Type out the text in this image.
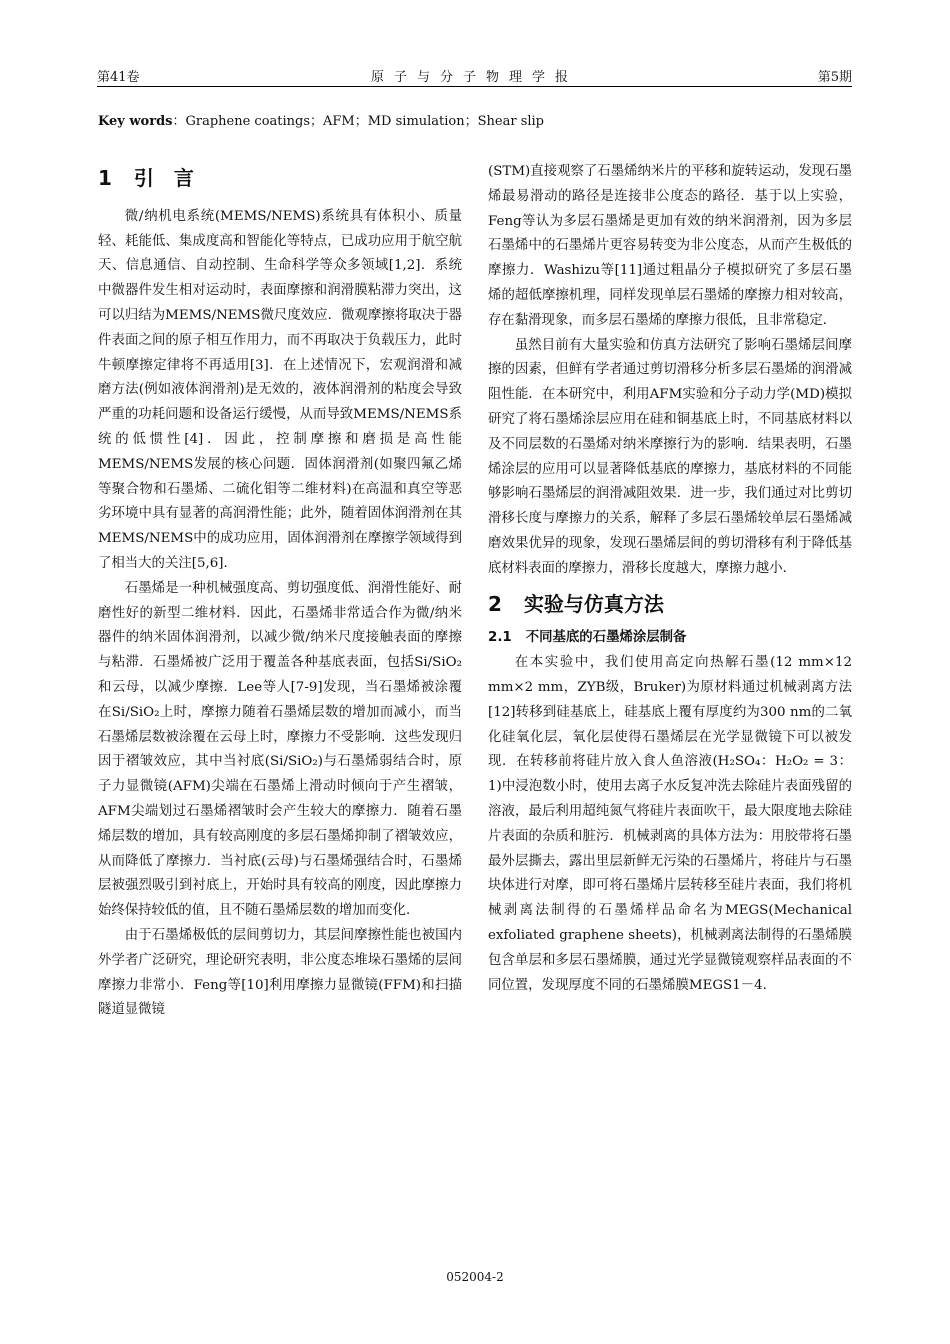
第41卷	原子与分子物理学报	第5期
Key words：Graphene coatings；AFM；MD simulation；Shear slip
1 引　言

微/纳机电系统(MEMS/NEMS)系统具有体积小、质量轻、耗能低、集成度高和智能化等特点，已成功应用于航空航天、信息通信、自动控制、生命科学等众多领域[1,2]．系统中微器件发生相对运动时，表面摩擦和润滑膜粘滞力突出，这可以归结为MEMS/NEMS微尺度效应．微观摩擦将取决于器件表面之间的原子相互作用力，而不再取决于负载压力，此时牛顿摩擦定律将不再适用[3]．在上述情况下，宏观润滑和减磨方法(例如液体润滑剂)是无效的，液体润滑剂的粘度会导致严重的功耗问题和设备运行缓慢，从而导致MEMS/NEMS系统的低惯性[4]．因此，控制摩擦和磨损是高性能MEMS/NEMS发展的核心问题．固体润滑剂(如聚四氟乙烯等聚合物和石墨烯、二硫化钼等二维材料)在高温和真空等恶劣环境中具有显著的高润滑性能；此外，随着固体润滑剂在其MEMS/NEMS中的成功应用，固体润滑剂在摩擦学领域得到了相当大的关注[5,6]．

石墨烯是一种机械强度高、剪切强度低、润滑性能好、耐磨性好的新型二维材料．因此，石墨烯非常适合作为微/纳米器件的纳米固体润滑剂，以减少微/纳米尺度接触表面的摩擦与粘滞．石墨烯被广泛用于覆盖各种基底表面，包括Si/SiO₂和云母，以减少摩擦．Lee等人[7-9]发现，当石墨烯被涂覆在Si/SiO₂上时，摩擦力随着石墨烯层数的增加而减小，而当石墨烯层数被涂覆在云母上时，摩擦力不受影响．这些发现归因于褶皱效应，其中当衬底(Si/SiO₂)与石墨烯弱结合时，原子力显微镜(AFM)尖端在石墨烯上滑动时倾向于产生褶皱，AFM尖端划过石墨烯褶皱时会产生较大的摩擦力．随着石墨烯层数的增加，具有较高刚度的多层石墨烯抑制了褶皱效应，从而降低了摩擦力．当衬底(云母)与石墨烯强结合时，石墨烯层被强烈吸引到衬底上，开始时具有较高的刚度，因此摩擦力始终保持较低的值，且不随石墨烯层数的增加而变化．

由于石墨烯极低的层间剪切力，其层间摩擦性能也被国内外学者广泛研究，理论研究表明，非公度态堆垛石墨烯的层间摩擦力非常小．Feng等[10]利用摩擦力显微镜(FFM)和扫描隧道显微镜

(STM)直接观察了石墨烯纳米片的平移和旋转运动，发现石墨烯最易滑动的路径是连接非公度态的路径．基于以上实验，Feng等认为多层石墨烯是更加有效的纳米润滑剂，因为多层石墨烯中的石墨烯片更容易转变为非公度态，从而产生极低的摩擦力．Washizu等[11]通过粗晶分子模拟研究了多层石墨烯的超低摩擦机理，同样发现单层石墨烯的摩擦力相对较高，存在黏滑现象，而多层石墨烯的摩擦力很低，且非常稳定．

虽然目前有大量实验和仿真方法研究了影响石墨烯层间摩擦的因素，但鲜有学者通过剪切滑移分析多层石墨烯的润滑减阻性能．在本研究中，利用AFM实验和分子动力学(MD)模拟研究了将石墨烯涂层应用在硅和铜基底上时，不同基底材料以及不同层数的石墨烯对纳米摩擦行为的影响．结果表明，石墨烯涂层的应用可以显著降低基底的摩擦力，基底材料的不同能够影响石墨烯层的润滑减阻效果．进一步，我们通过对比剪切滑移长度与摩擦力的关系，解释了多层石墨烯较单层石墨烯减磨效果优异的现象，发现石墨烯层间的剪切滑移有利于降低基底材料表面的摩擦力，滑移长度越大，摩擦力越小．

2 实验与仿真方法
2.1 不同基底的石墨烯涂层制备

在本实验中，我们使用高定向热解石墨(12 mm×12 mm×2 mm，ZYB级，Bruker)为原材料通过机械剥离方法[12]转移到硅基底上，硅基底上覆有厚度约为300 nm的二氧化硅氧化层，氧化层使得石墨烯层在光学显微镜下可以被发现．在转移前将硅片放入食人鱼溶液(H₂SO₄：H₂O₂ = 3：1)中浸泡数小时，使用去离子水反复冲洗去除硅片表面残留的溶液，最后利用超纯氮气将硅片表面吹干，最大限度地去除硅片表面的杂质和脏污．机械剥离的具体方法为：用胶带将石墨最外层撕去，露出里层新鲜无污染的石墨烯片，将硅片与石墨块体进行对摩，即可将石墨烯片层转移至硅片表面，我们将机械剥离法制得的石墨烯样品命名为MEGS(Mechanical exfoliated graphene sheets)，机械剥离法制得的石墨烯膜包含单层和多层石墨烯膜，通过光学显微镜观察样品表面的不同位置，发现厚度不同的石墨烯膜MEGS1－4．

052004-2
